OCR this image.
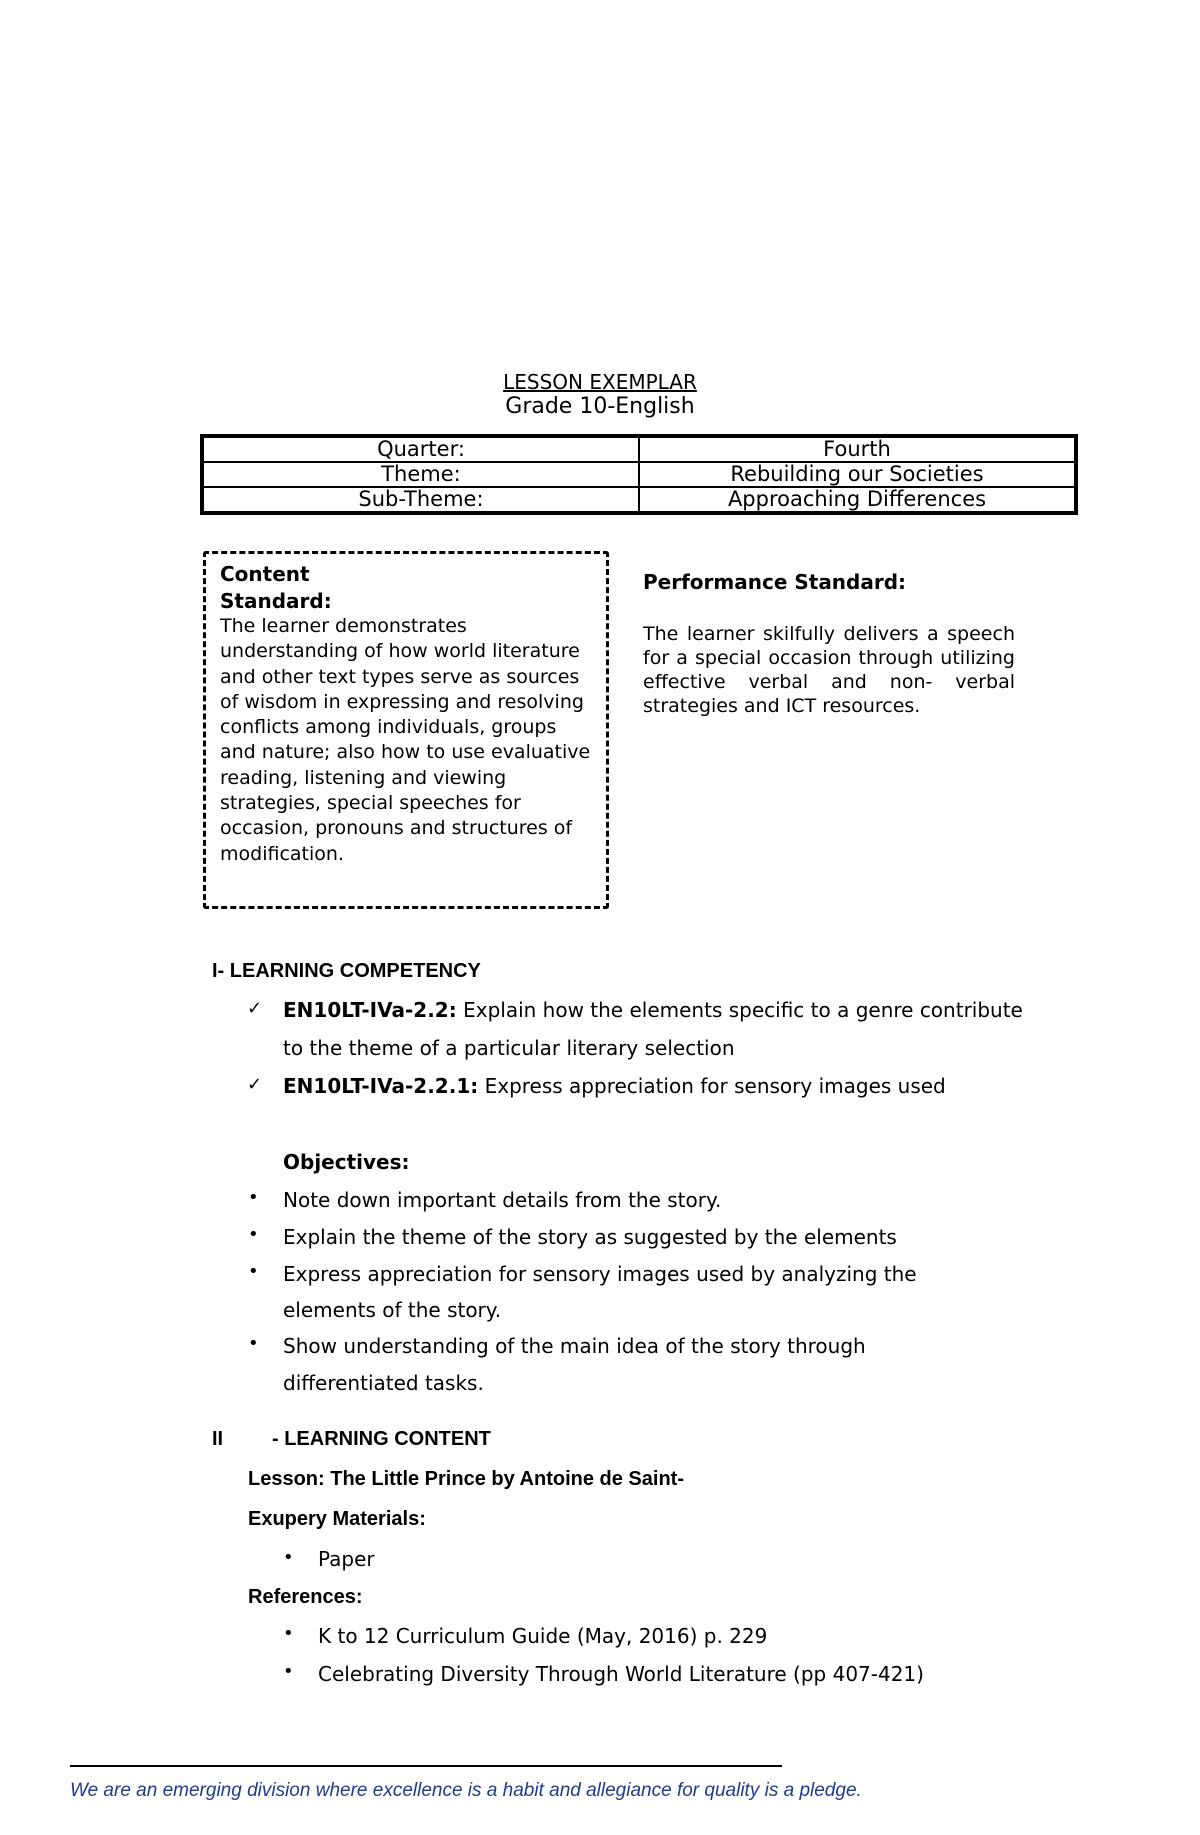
LESSON EXEMPLAR
Grade 10-English
Quarter:	Fourth
Theme:	Rebuilding our Societies
Sub-Theme:	Approaching Differences
Content Standard:
The learner demonstrates understanding of how world literature and other text types serve as sources of wisdom in expressing and resolving conflicts among individuals, groups and nature; also how to use evaluative reading, listening and viewing strategies, special speeches for occasion, pronouns and structures of modification.
Performance Standard:
The learner skilfully delivers a speech for a special occasion through utilizing effective verbal and non- verbal strategies and ICT resources.
I- LEARNING COMPETENCY
✓ EN10LT-IVa-2.2: Explain how the elements specific to a genre contribute
to the theme of a particular literary selection
✓ EN10LT-IVa-2.2.1: Express appreciation for sensory images used
Objectives:
• Note down important details from the story.
• Explain the theme of the story as suggested by the elements
• Express appreciation for sensory images used by analyzing the
elements of the story.
• Show understanding of the main idea of the story through
differentiated tasks.
II - LEARNING CONTENT
Lesson: The Little Prince by Antoine de Saint-
Exupery Materials:
• Paper
References:
• K to 12 Curriculum Guide (May, 2016) p. 229
• Celebrating Diversity Through World Literature (pp 407-421)
We are an emerging division where excellence is a habit and allegiance for quality is a pledge.
